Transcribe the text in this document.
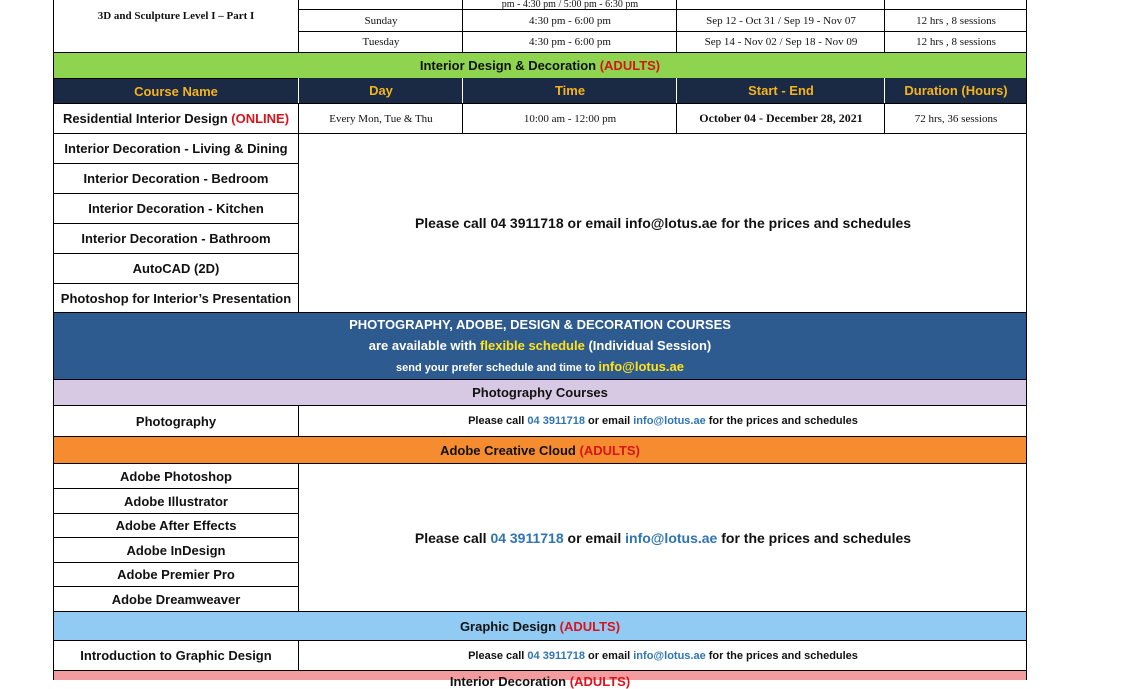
3D and Sculpture Level I – Part I
pm - 4:30 pm / 5:00 pm - 6:30 pm
Sunday	4:30 pm - 6:00 pm	Sep 12 - Oct 31 / Sep 19 - Nov 07	12 hrs , 8 sessions
Tuesday	4:30 pm - 6:00 pm	Sep 14 - Nov 02 / Sep 18 - Nov 09	12 hrs , 8 sessions
Interior Design & Decoration
(ADULTS)
Course Name	Day	Time	Start - End	Duration (Hours)
Residential Interior Design
(ONLINE)	Every Mon, Tue & Thu	10:00 am - 12:00 pm	October 04 - December 28, 2021	72 hrs, 36 sessions
Interior Decoration - Living & Dining
Interior Decoration - Bedroom
Interior Decoration - Kitchen
Interior Decoration - Bathroom
AutoCAD (2D)
Photoshop for Interior’s Presentation
Please call 04 3911718 or email info@lotus.ae for the prices and schedules
PHOTOGRAPHY, ADOBE, DESIGN & DECORATION COURSES
are available with flexible schedule (Individual Session)
send your prefer schedule and time to info@lotus.ae
Photography Courses
Photography	Please call
04 3911718
or email
info@lotus.ae
for the prices and schedules
Adobe Creative Cloud
(ADULTS)
Adobe Photoshop
Adobe Illustrator
Adobe After Effects
Adobe InDesign
Adobe Premier Pro
Adobe Dreamweaver
Please call
04 3911718
or email
info@lotus.ae
for the prices and schedules
Graphic Design
(ADULTS)
Introduction to Graphic Design	Please call
04 3911718
or email
info@lotus.ae
for the prices and schedules
Interior Decoration (ADULTS)
